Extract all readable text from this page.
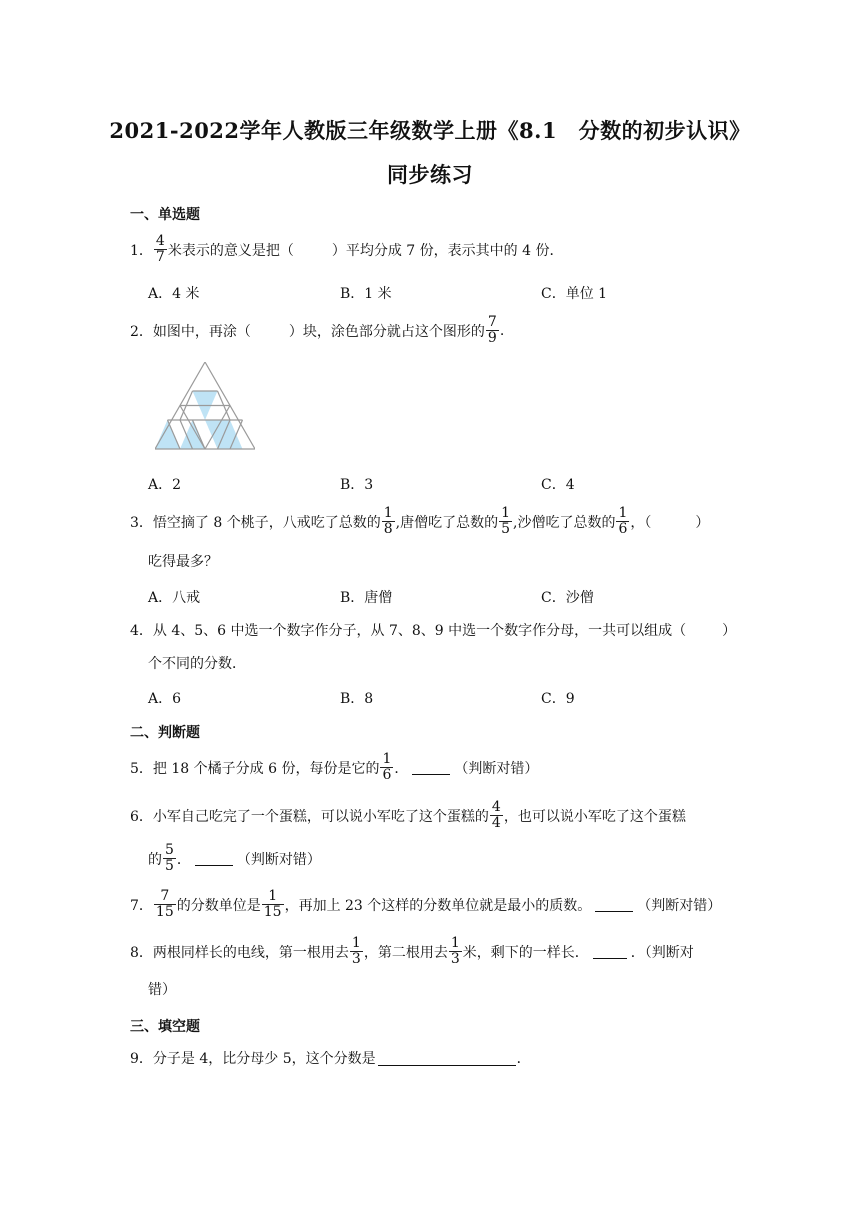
2021-2022学年人教版三年级数学上册《8.1　分数的初步认识》
同步练习
一、单选题
1． $\frac{4}{7}$ 米表示的意义是把（	）平均分成 7 份，表示其中的 4 份．
A．4 米	B．1 米	C．单位 1
2． 如图中，再涂（	）块，涂色部分就占这个图形的 $\frac{7}{9}$ .
A．2	B．3	C．4
3． 悟空摘了 8 个桃子，八戒吃了总数的 $\frac{1}{8}$ ,唐僧吃了总数的 $\frac{1}{5}$ ,沙僧吃了总数的 $\frac{1}{6}$ ，（	）
吃得最多？
A．八戒	B．唐僧	C．沙僧
4． 从 4、5、6 中选一个数字作分子，从 7、8、9 中选一个数字作分母，一共可以组成（	）
个不同的分数．
A．6	B．8	C．9
二、判断题
5． 把 18 个橘子分成 6 份，每份是它的 $\frac{1}{6}$ ．	（判断对错）
6． 小军自己吃完了一个蛋糕，可以说小军吃了这个蛋糕的 $\frac{4}{4}$ ，也可以说小军吃了这个蛋糕
的 $\frac{5}{5}$ ．	（判断对错）
7． $\frac{7}{15}$ 的分数单位是 $\frac{1}{15}$ ，再加上 23 个这样的分数单位就是最小的质数。	（判断对错）
8． 两根同样长的电线，第一根用去 $\frac{1}{3}$ ，第二根用去 $\frac{1}{3}$ 米，剩下的一样长．	．（判断对
错）
三、填空题
9． 分子是 4，比分母少 5，这个分数是	．
